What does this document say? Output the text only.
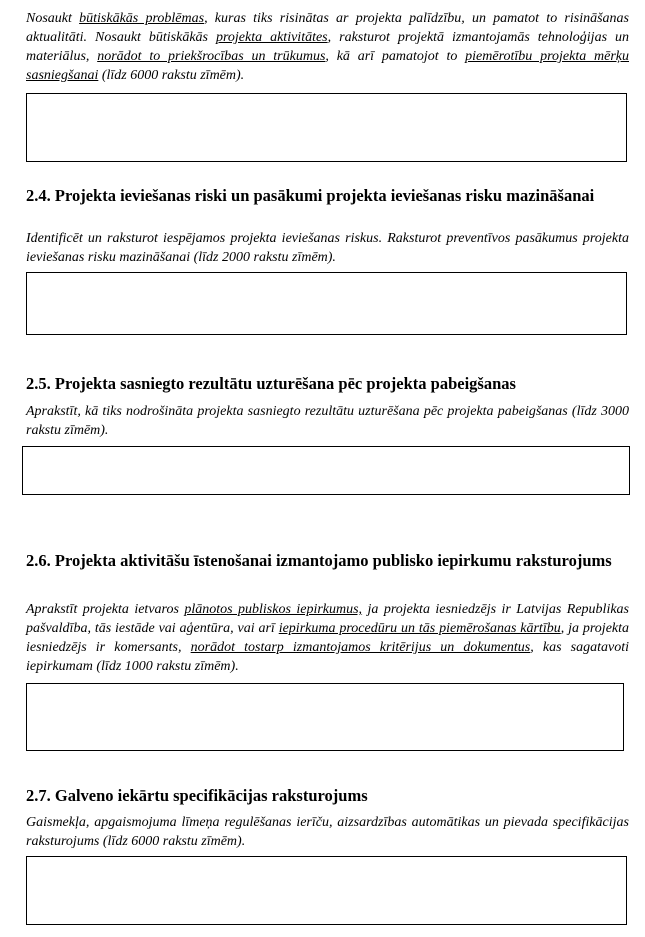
Nosaukt būtiskākās problēmas, kuras tiks risinātas ar projekta palīdzību, un pamatot to risināšanas aktualitāti. Nosaukt būtiskākās projekta aktivitātes, raksturot projektā izmantojamās tehnoloģijas un materiālus, norādot to priekšrocības un trūkumus, kā arī pamatojot to piemērotību projekta mērķu sasniegšanai (līdz 6000 rakstu zīmēm).

2.4. Projekta ieviešanas riski un pasākumi projekta ieviešanas risku mazināšanai

Identificēt un raksturot iespējamos projekta ieviešanas riskus. Raksturot preventīvos pasākumus projekta ieviešanas risku mazināšanai (līdz 2000 rakstu zīmēm).

2.5. Projekta sasniegto rezultātu uzturēšana pēc projekta pabeigšanas

Aprakstīt, kā tiks nodrošināta projekta sasniegto rezultātu uzturēšana pēc projekta pabeigšanas (līdz 3000 rakstu zīmēm).

2.6. Projekta aktivitāšu īstenošanai izmantojamo publisko iepirkumu raksturojums

Aprakstīt projekta ietvaros plānotos publiskos iepirkumus, ja projekta iesniedzējs ir Latvijas Republikas pašvaldība, tās iestāde vai aģentūra, vai arī iepirkuma procedūru un tās piemērošanas kārtību, ja projekta iesniedzējs ir komersants, norādot tostarp izmantojamos kritērijus un dokumentus, kas sagatavoti iepirkumam (līdz 1000 rakstu zīmēm).

2.7. Galveno iekārtu specifikācijas raksturojums

Gaismekļa, apgaismojuma līmeņa regulēšanas ierīču, aizsardzības automātikas un pievada specifikācijas raksturojums (līdz 6000 rakstu zīmēm).
